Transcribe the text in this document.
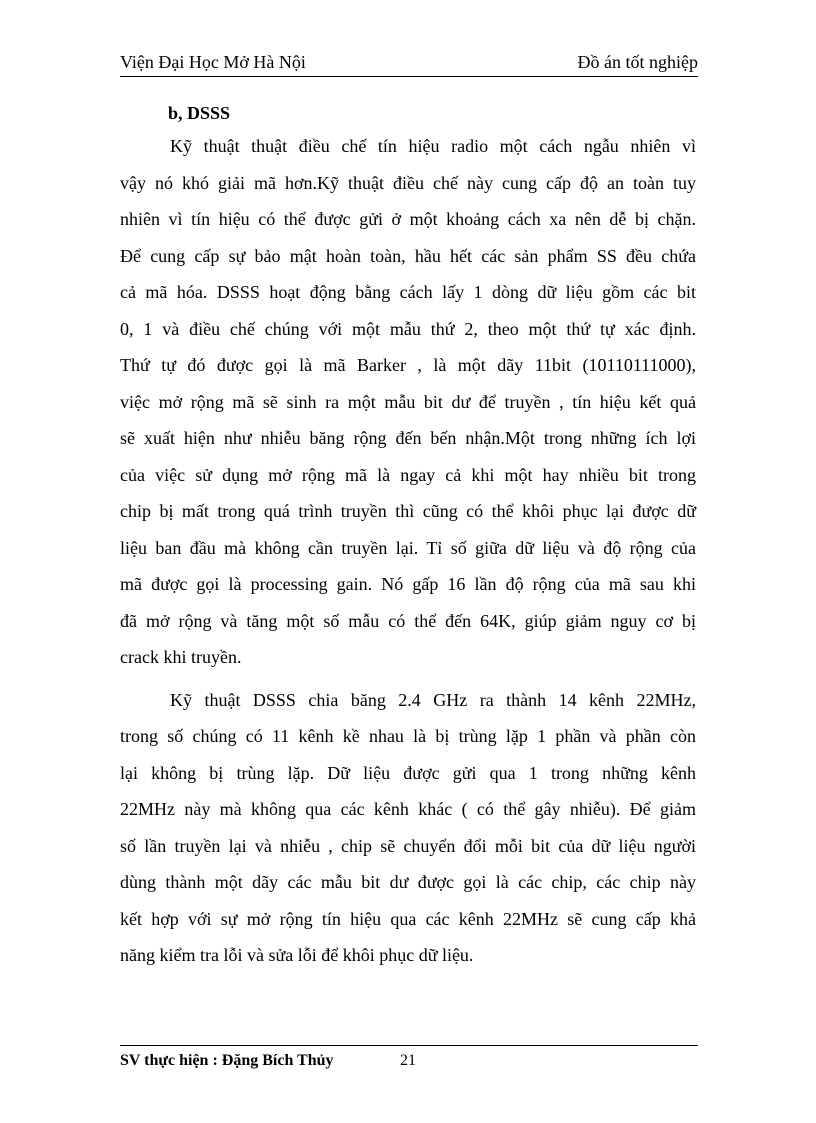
Viện Đại Học Mở Hà Nội	Đồ án tốt nghiệp
b, DSSS
Kỹ thuật thuật điều chế tín hiệu radio một cách ngẫu nhiên vì
vậy nó khó giải mã hơn.Kỹ thuật điều chế này cung cấp độ an toàn tuy
nhiên vì tín hiệu có thể được gửi ở một khoảng cách xa nên dễ bị chặn.
Để cung cấp sự bảo mật hoàn toàn, hầu hết các sản phẩm SS đều chứa
cả mã hóa. DSSS hoạt động bằng cách lấy 1 dòng dữ liệu gồm các bit
0, 1 và điều chế chúng với một mẫu thứ 2, theo một thứ tự xác định.
Thứ tự đó được gọi là mã Barker , là một dãy 11bit (10110111000),
việc mở rộng mã sẽ sinh ra một mẫu bit dư để truyền , tín hiệu kết quả
sẽ xuất hiện như nhiễu băng rộng đến bến nhận.Một trong những ích lợi
của việc sử dụng mở rộng mã là ngay cả khi một hay nhiều bit trong
chip bị mất trong quá trình truyền thì cũng có thể khôi phục lại được dữ
liệu ban đầu mà không cần truyền lại. Tỉ số giữa dữ liệu và độ rộng của
mã được gọi là processing gain. Nó gấp 16 lần độ rộng của mã sau khi
đã mở rộng và tăng một số mẫu có thể đến 64K, giúp giảm nguy cơ bị
crack khi truyền.
Kỹ thuật DSSS chia băng 2.4 GHz ra thành 14 kênh 22MHz,
trong số chúng có 11 kênh kề nhau là bị trùng lặp 1 phần và phần còn
lại không bị trùng lặp. Dữ liệu được gửi qua 1 trong những kênh
22MHz này mà không qua các kênh khác ( có thể gây nhiễu). Để giảm
số lần truyền lại và nhiễu , chip sẽ chuyển đổi mỗi bit của dữ liệu người
dùng thành một dãy các mẫu bit dư được gọi là các chip, các chip này
kết hợp với sự mở rộng tín hiệu qua các kênh 22MHz sẽ cung cấp khả
năng kiểm tra lỗi và sửa lỗi để khôi phục dữ liệu.
SV thực hiện : Đặng Bích Thủy	21
